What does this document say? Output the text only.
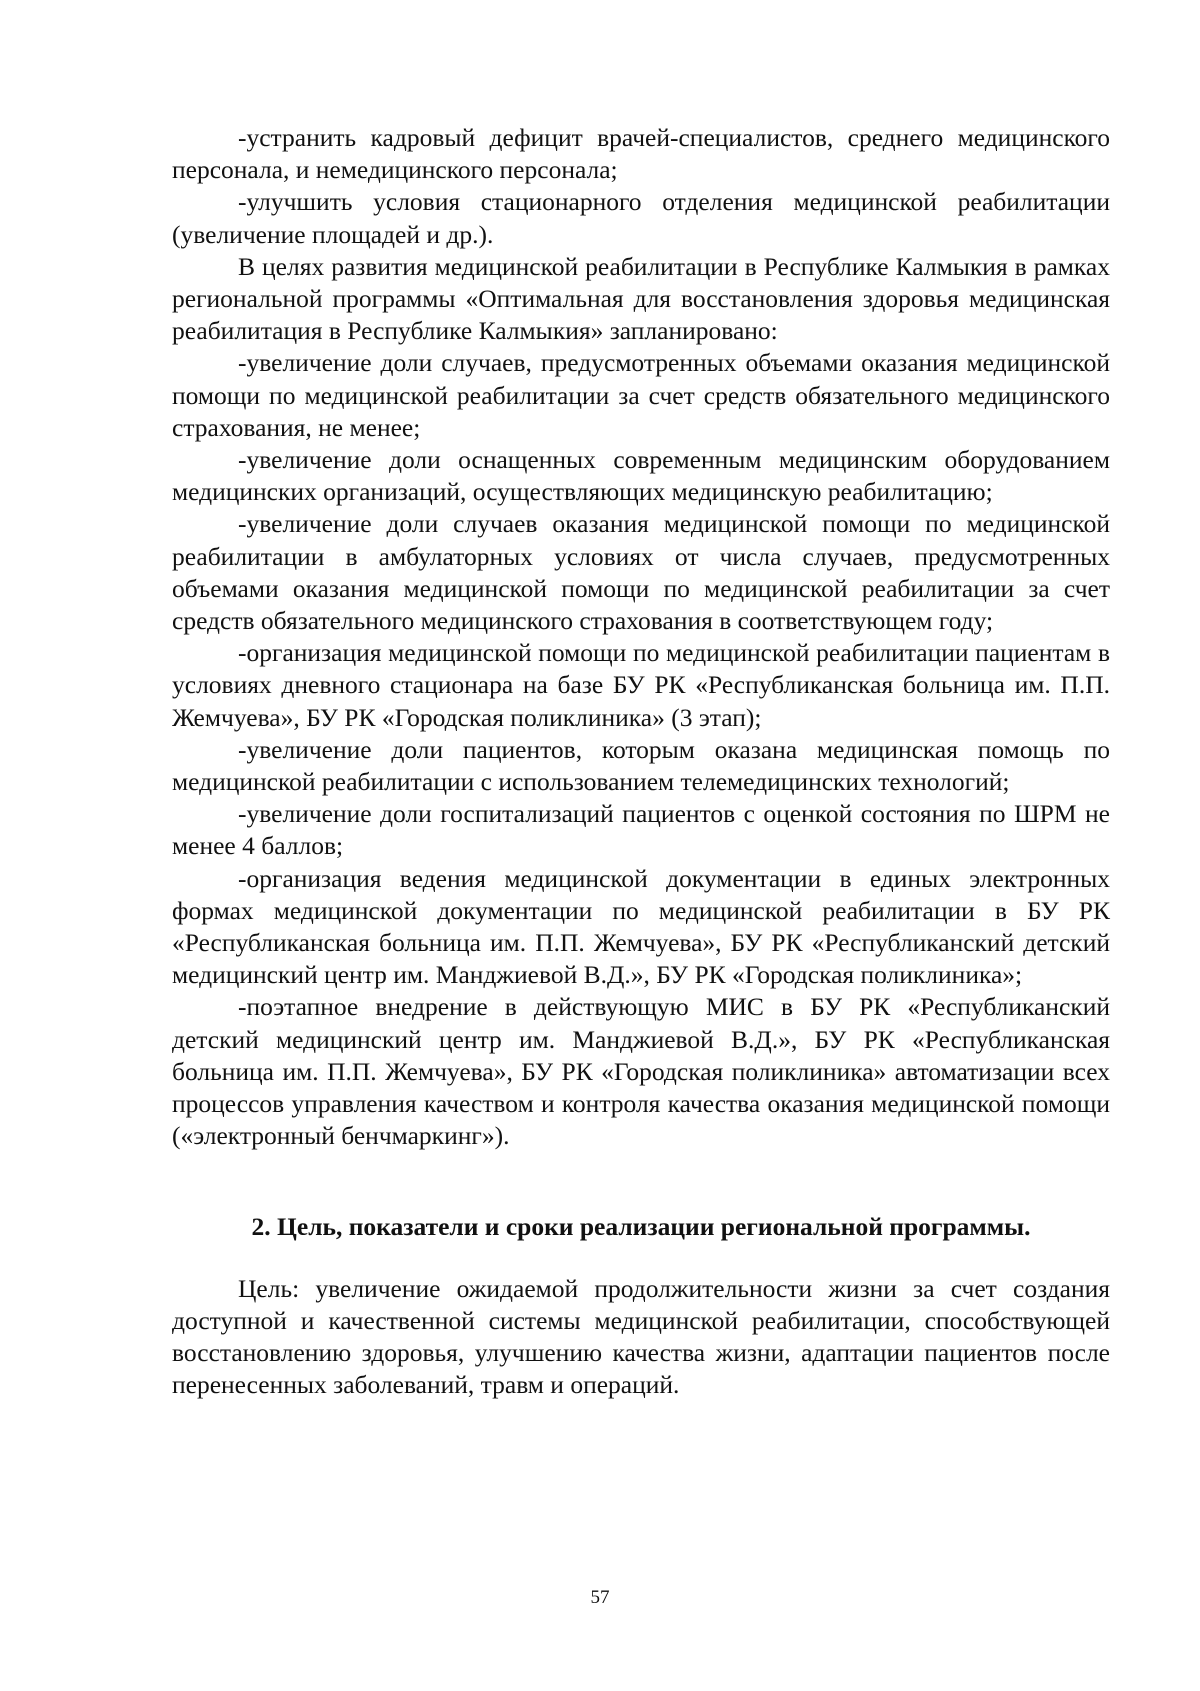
-устранить кадровый дефицит врачей-специалистов, среднего медицинского персонала, и немедицинского персонала;

-улучшить условия стационарного отделения медицинской реабилитации (увеличение площадей и др.).

В целях развития медицинской реабилитации в Республике Калмыкия в рамках региональной программы «Оптимальная для восстановления здоровья медицинская реабилитация в Республике Калмыкия» запланировано:

-увеличение доли случаев, предусмотренных объемами оказания медицинской помощи по медицинской реабилитации за счет средств обязательного медицинского страхования, не менее;

-увеличение доли оснащенных современным медицинским оборудованием медицинских организаций, осуществляющих медицинскую реабилитацию;

-увеличение доли случаев оказания медицинской помощи по медицинской реабилитации в амбулаторных условиях от числа случаев, предусмотренных объемами оказания медицинской помощи по медицинской реабилитации за счет средств обязательного медицинского страхования в соответствующем году;

-организация медицинской помощи по медицинской реабилитации пациентам в условиях дневного стационара на базе БУ РК «Республиканская больница им. П.П. Жемчуева», БУ РК «Городская поликлиника» (3 этап);

-увеличение доли пациентов, которым оказана медицинская помощь по медицинской реабилитации с использованием телемедицинских технологий;

-увеличение доли госпитализаций пациентов с оценкой состояния по ШРМ не менее 4 баллов;

-организация ведения медицинской документации в единых электронных формах медицинской документации по медицинской реабилитации в БУ РК «Республиканская больница им. П.П. Жемчуева», БУ РК «Республиканский детский медицинский центр им. Манджиевой В.Д.», БУ РК «Городская поликлиника»;

-поэтапное внедрение в действующую МИС в БУ РК «Республиканский детский медицинский центр им. Манджиевой В.Д.», БУ РК «Республиканская больница им. П.П. Жемчуева», БУ РК «Городская поликлиника» автоматизации всех процессов управления качеством и контроля качества оказания медицинской помощи («электронный бенчмаркинг»).

2. Цель, показатели и сроки реализации региональной программы.

Цель: увеличение ожидаемой продолжительности жизни за счет создания доступной и качественной системы медицинской реабилитации, способствующей восстановлению здоровья, улучшению качества жизни, адаптации пациентов после перенесенных заболеваний, травм и операций.

57
